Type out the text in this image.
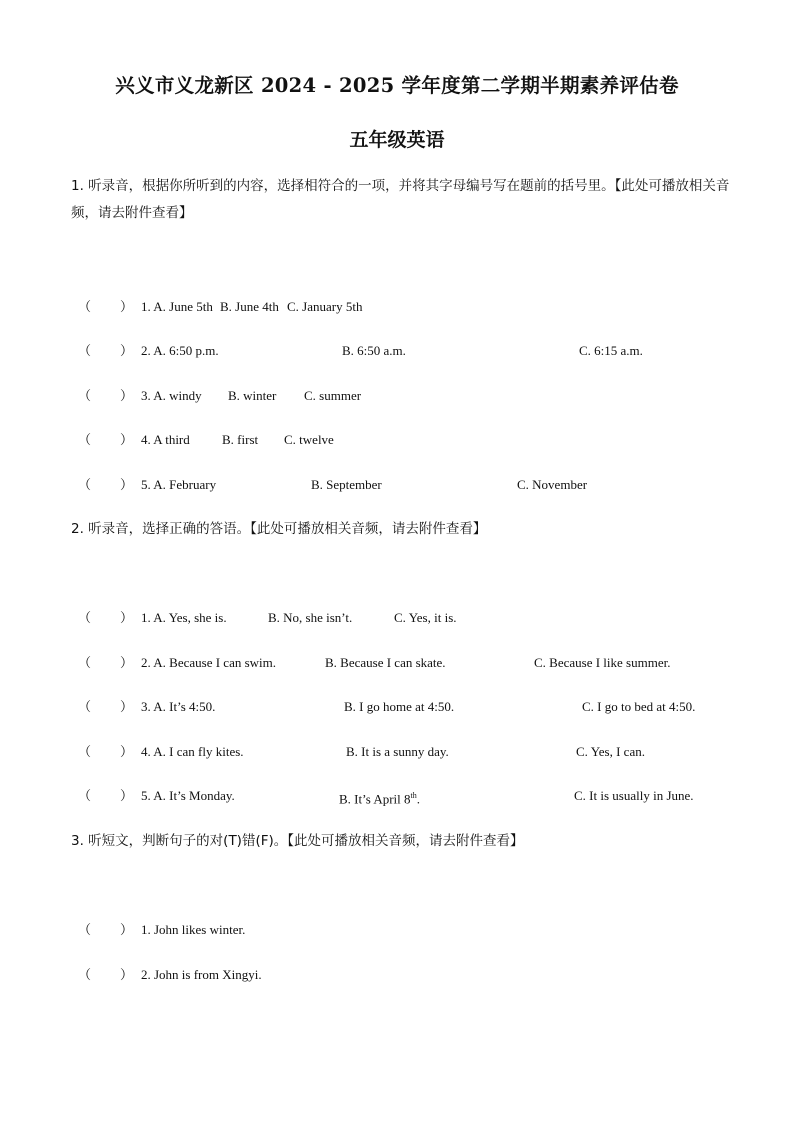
兴义市义龙新区 2024 - 2025 学年度第二学期半期素养评估卷
五年级英语
1. 听录音，根据你所听到的内容，选择相符合的一项，并将其字母编号写在题前的括号里。【此处可播放相关音频，请去附件查看】
（ ） 1. A. June 5th B. June 4th C. January 5th
（ ） 2. A. 6:50 p.m.	B. 6:50 a.m.	C. 6:15 a.m.
（ ） 3. A. windy B. winter C. summer
（ ） 4. A third B. first C. twelve
（ ） 5. A. February	B. September	C. November
2. 听录音，选择正确的答语。【此处可播放相关音频，请去附件查看】
（ ） 1. A. Yes, she is.	B. No, she isn’t.	C. Yes, it is.
（ ） 2. A. Because I can swim.	B. Because I can skate.	C. Because I like summer.
（ ） 3. A. It’s 4:50.	B. I go home at 4:50.	C. I go to bed at 4:50.
（ ） 4. A. I can fly kites.	B. It is a sunny day.	C. Yes, I can.
（ ） 5. A. It’s Monday.	B. It’s April 8th.	C. It is usually in June.
3. 听短文，判断句子的对(T)错(F)。【此处可播放相关音频，请去附件查看】
（ ） 1. John likes winter.
（ ） 2. John is from Xingyi.
